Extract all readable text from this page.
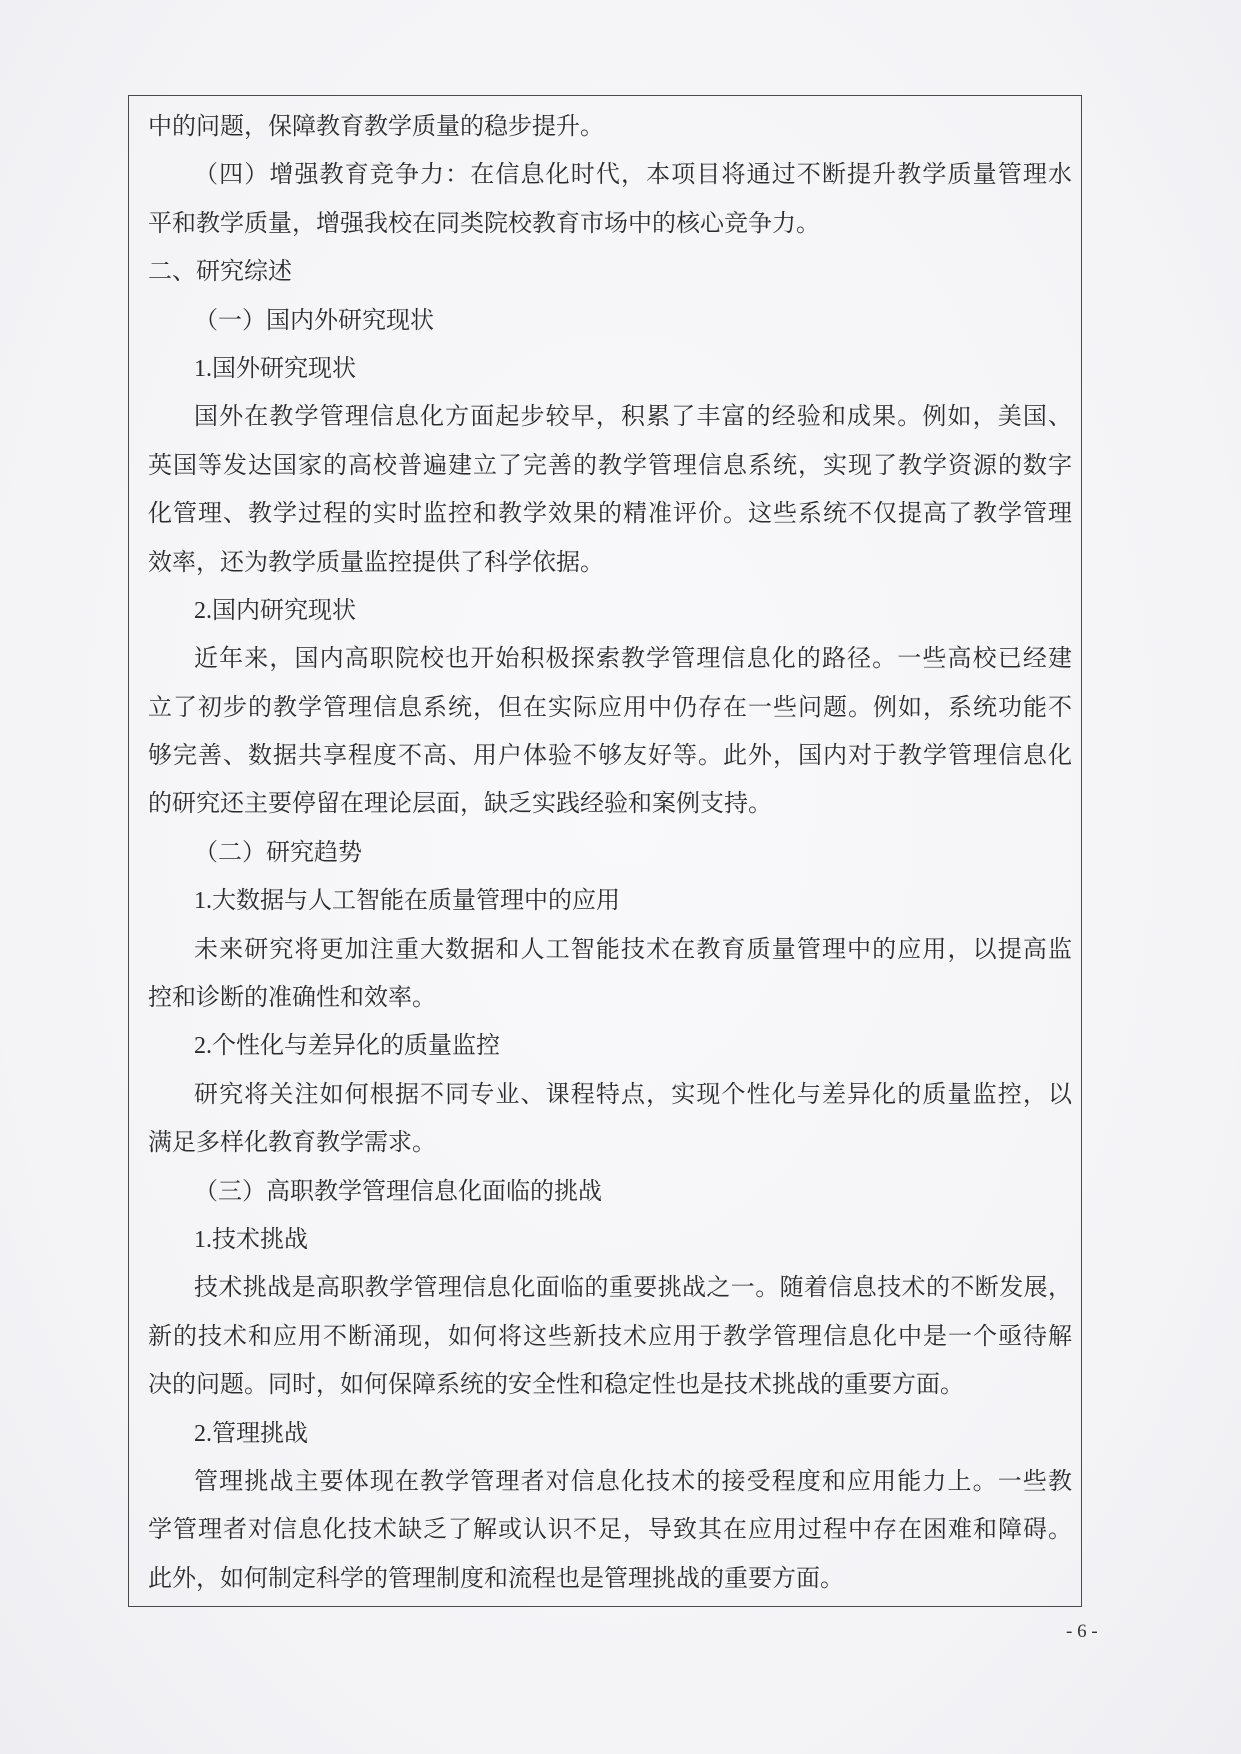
中的问题，保障教育教学质量的稳步提升。
（四）增强教育竞争力：在信息化时代，本项目将通过不断提升教学质量管理水
平和教学质量，增强我校在同类院校教育市场中的核心竞争力。
二、研究综述
（一）国内外研究现状
1.国外研究现状
国外在教学管理信息化方面起步较早，积累了丰富的经验和成果。例如，美国、
英国等发达国家的高校普遍建立了完善的教学管理信息系统，实现了教学资源的数字
化管理、教学过程的实时监控和教学效果的精准评价。这些系统不仅提高了教学管理
效率，还为教学质量监控提供了科学依据。
2.国内研究现状
近年来，国内高职院校也开始积极探索教学管理信息化的路径。一些高校已经建
立了初步的教学管理信息系统，但在实际应用中仍存在一些问题。例如，系统功能不
够完善、数据共享程度不高、用户体验不够友好等。此外，国内对于教学管理信息化
的研究还主要停留在理论层面，缺乏实践经验和案例支持。
（二）研究趋势
1.大数据与人工智能在质量管理中的应用
未来研究将更加注重大数据和人工智能技术在教育质量管理中的应用，以提高监
控和诊断的准确性和效率。
2.个性化与差异化的质量监控
研究将关注如何根据不同专业、课程特点，实现个性化与差异化的质量监控，以
满足多样化教育教学需求。
（三）高职教学管理信息化面临的挑战
1.技术挑战
技术挑战是高职教学管理信息化面临的重要挑战之一。随着信息技术的不断发展，
新的技术和应用不断涌现，如何将这些新技术应用于教学管理信息化中是一个亟待解
决的问题。同时，如何保障系统的安全性和稳定性也是技术挑战的重要方面。
2.管理挑战
管理挑战主要体现在教学管理者对信息化技术的接受程度和应用能力上。一些教
学管理者对信息化技术缺乏了解或认识不足，导致其在应用过程中存在困难和障碍。
此外，如何制定科学的管理制度和流程也是管理挑战的重要方面。
- 6 -
